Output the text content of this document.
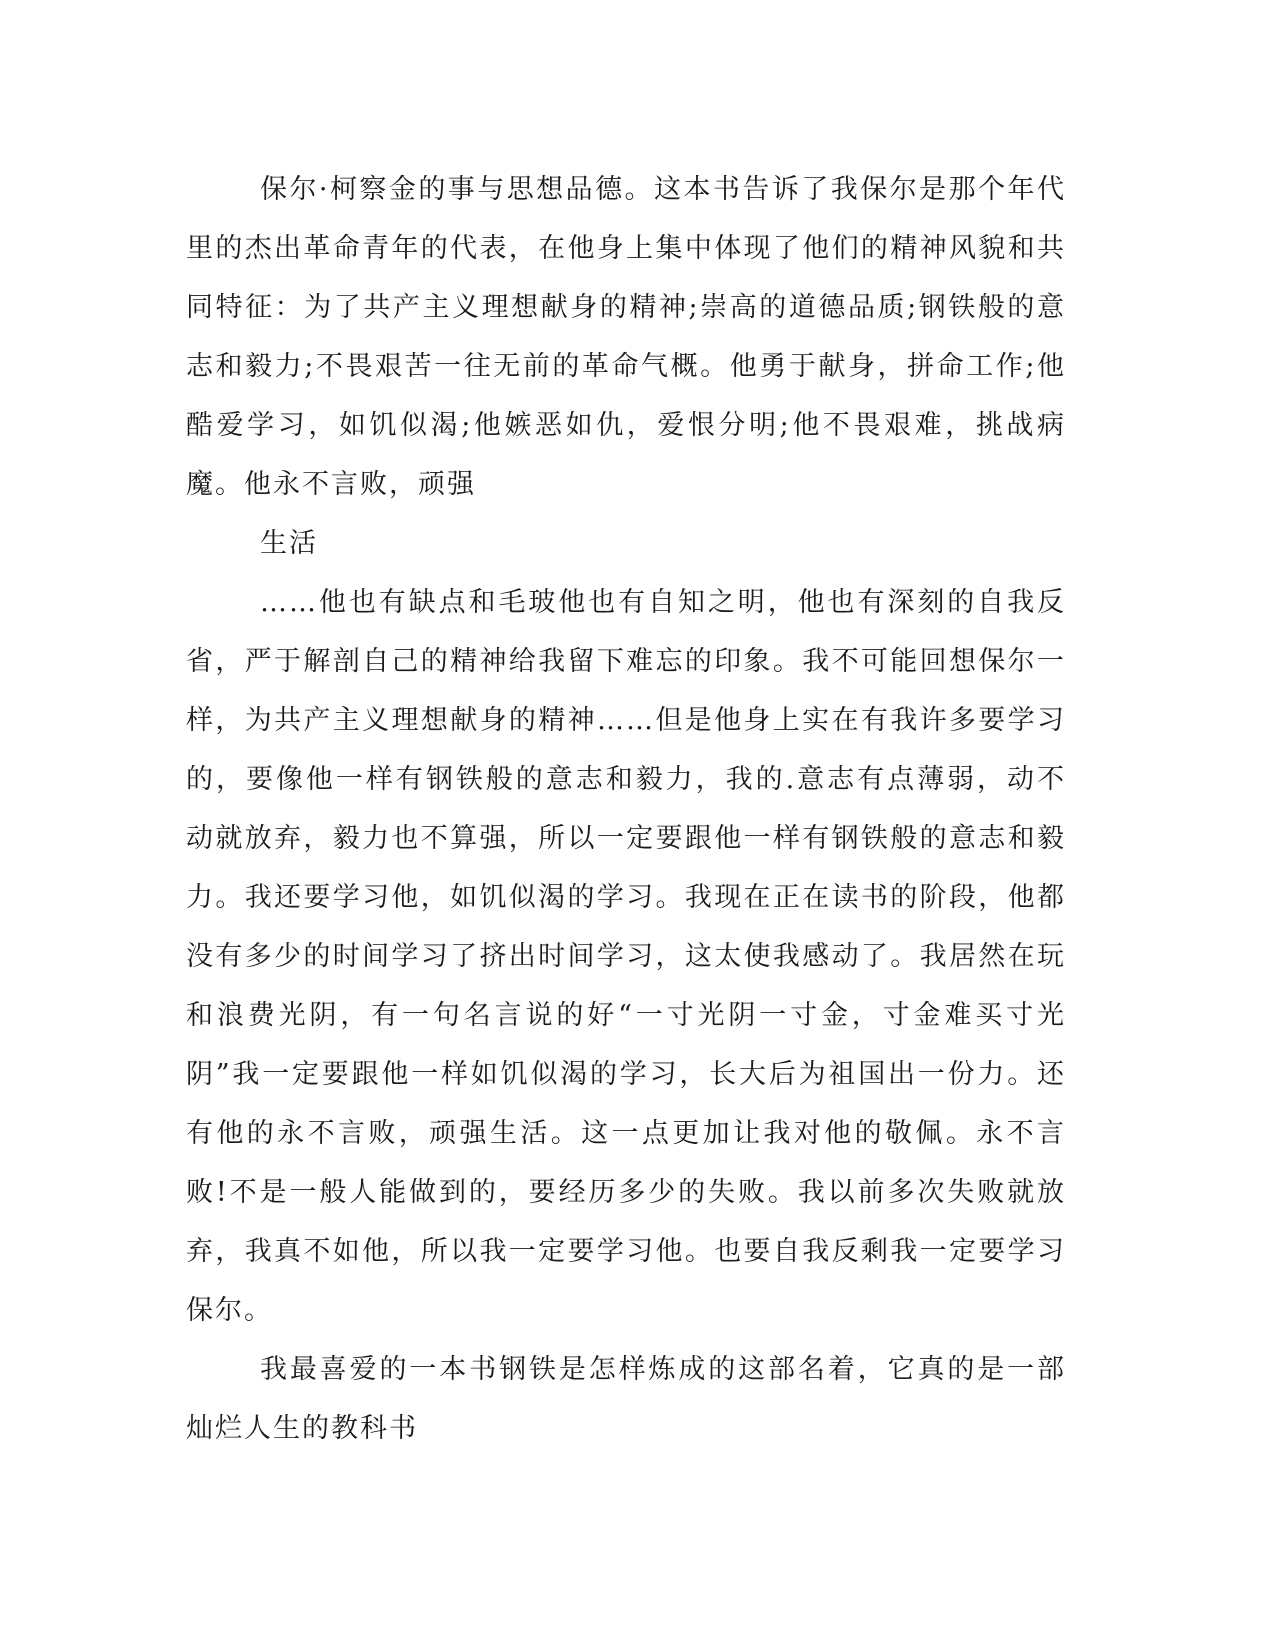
保尔·柯察金的事与思想品德。这本书告诉了我保尔是那个年代里的杰出革命青年的代表，在他身上集中体现了他们的精神风貌和共同特征：为了共产主义理想献身的精神;崇高的道德品质;钢铁般的意志和毅力;不畏艰苦一往无前的革命气概。他勇于献身，拼命工作;他酷爱学习，如饥似渴;他嫉恶如仇，爱恨分明;他不畏艰难，挑战病魔。他永不言败，顽强

生活

……他也有缺点和毛玻他也有自知之明，他也有深刻的自我反省，严于解剖自己的精神给我留下难忘的印象。我不可能回想保尔一样，为共产主义理想献身的精神……但是他身上实在有我许多要学习的，要像他一样有钢铁般的意志和毅力，我的.意志有点薄弱，动不动就放弃，毅力也不算强，所以一定要跟他一样有钢铁般的意志和毅力。我还要学习他，如饥似渴的学习。我现在正在读书的阶段，他都没有多少的时间学习了挤出时间学习，这太使我感动了。我居然在玩和浪费光阴，有一句名言说的好“一寸光阴一寸金，寸金难买寸光阴”我一定要跟他一样如饥似渴的学习，长大后为祖国出一份力。还有他的永不言败，顽强生活。这一点更加让我对他的敬佩。永不言败!不是一般人能做到的，要经历多少的失败。我以前多次失败就放弃，我真不如他，所以我一定要学习他。也要自我反剩我一定要学习保尔。

我最喜爱的一本书钢铁是怎样炼成的这部名着，它真的是一部灿烂人生的教科书
